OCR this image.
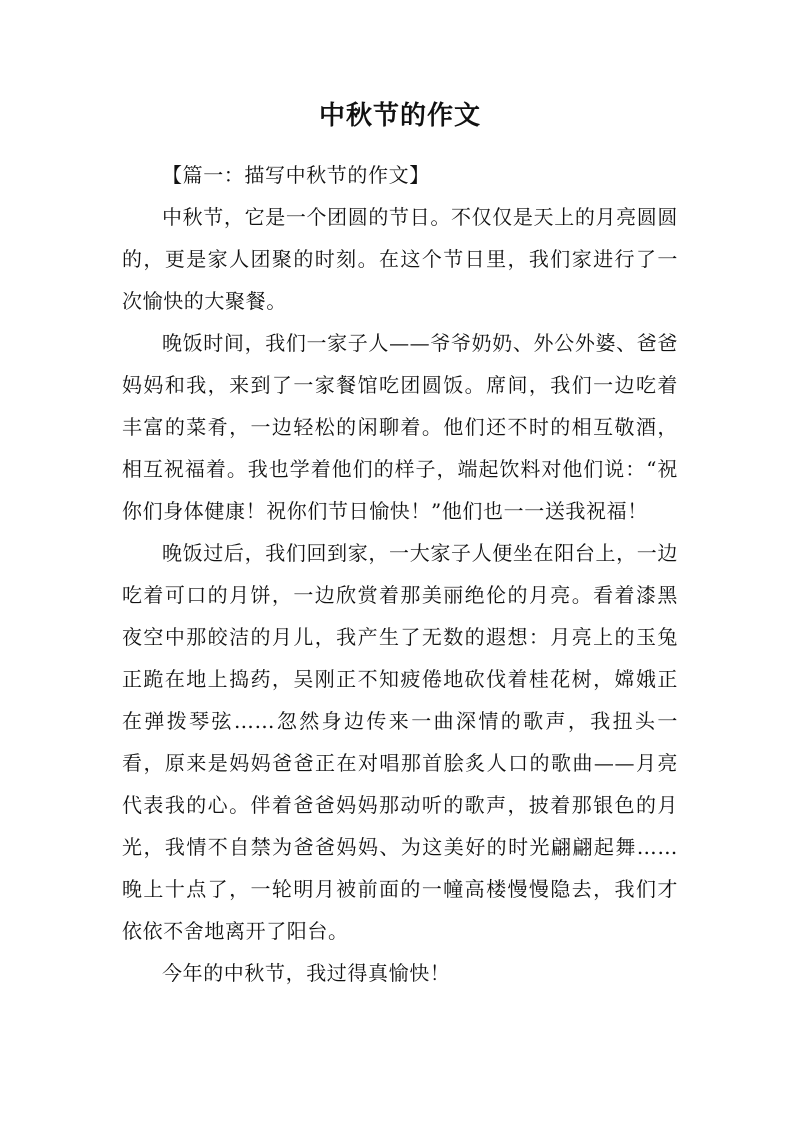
中秋节的作文

【篇一：描写中秋节的作文】

中秋节，它是一个团圆的节日。不仅仅是天上的月亮圆圆的，更是家人团聚的时刻。在这个节日里，我们家进行了一次愉快的大聚餐。

晚饭时间，我们一家子人——爷爷奶奶、外公外婆、爸爸妈妈和我，来到了一家餐馆吃团圆饭。席间，我们一边吃着丰富的菜肴，一边轻松的闲聊着。他们还不时的相互敬酒，相互祝福着。我也学着他们的样子，端起饮料对他们说：“祝你们身体健康！祝你们节日愉快！”他们也一一送我祝福！

晚饭过后，我们回到家，一大家子人便坐在阳台上，一边吃着可口的月饼，一边欣赏着那美丽绝伦的月亮。看着漆黑夜空中那皎洁的月儿，我产生了无数的遐想：月亮上的玉兔正跪在地上捣药，吴刚正不知疲倦地砍伐着桂花树，嫦娥正在弹拨琴弦……忽然身边传来一曲深情的歌声，我扭头一看，原来是妈妈爸爸正在对唱那首脍炙人口的歌曲——月亮代表我的心。伴着爸爸妈妈那动听的歌声，披着那银色的月光，我情不自禁为爸爸妈妈、为这美好的时光翩翩起舞……晚上十点了，一轮明月被前面的一幢高楼慢慢隐去，我们才依依不舍地离开了阳台。

今年的中秋节，我过得真愉快！
